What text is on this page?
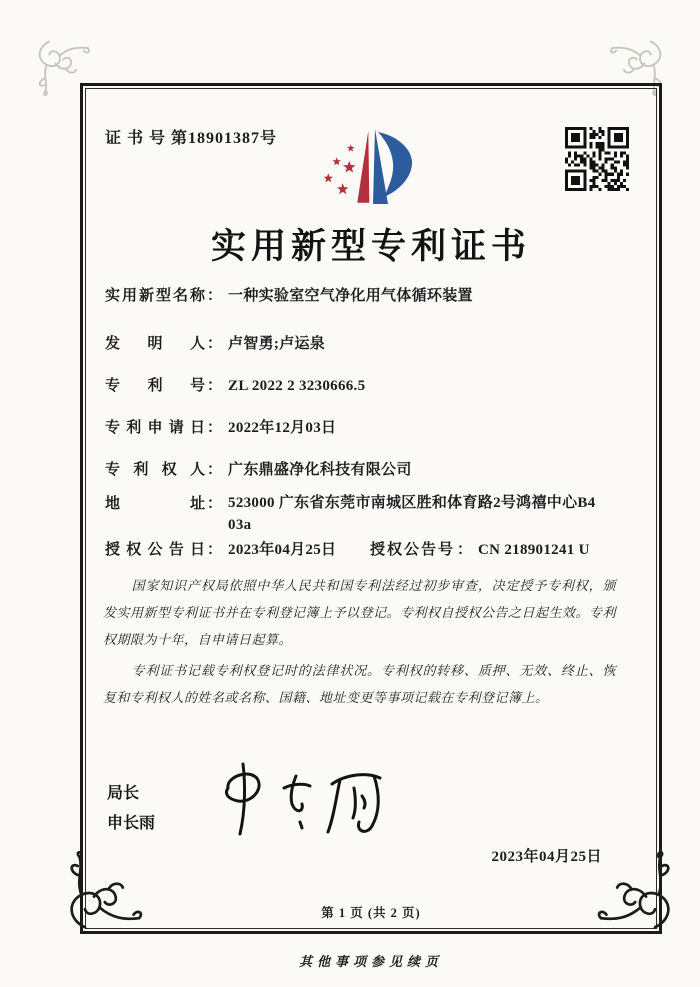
证 书 号 第18901387号
实用新型专利证书
实用新型名称 ： 一种实验室空气净化用气体循环装置
发明人 ： 卢智勇;卢运泉
专利号 ： ZL 2022 2 3230666.5
专利申请日 ： 2022年12月03日
专利权人 ： 广东鼎盛净化科技有限公司
地址 ： 523000 广东省东莞市南城区胜和体育路2号鸿禧中心B4
03a
授权公告日 ： 2023年04月25日 授权公告号 ： CN 218901241 U

国家知识产权局依照中华人民共和国专利法经过初步审查，决定授予专利权，颁发实用新型专利证书并在专利登记簿上予以登记。专利权自授权公告之日起生效。专利权期限为十年，自申请日起算。

专利证书记载专利权登记时的法律状况。专利权的转移、质押、无效、终止、恢复和专利权人的姓名或名称、国籍、地址变更等事项记载在专利登记簿上。

局长
申长雨
2023年04月25日
第 1 页 (共 2 页)
其他事项参见续页
